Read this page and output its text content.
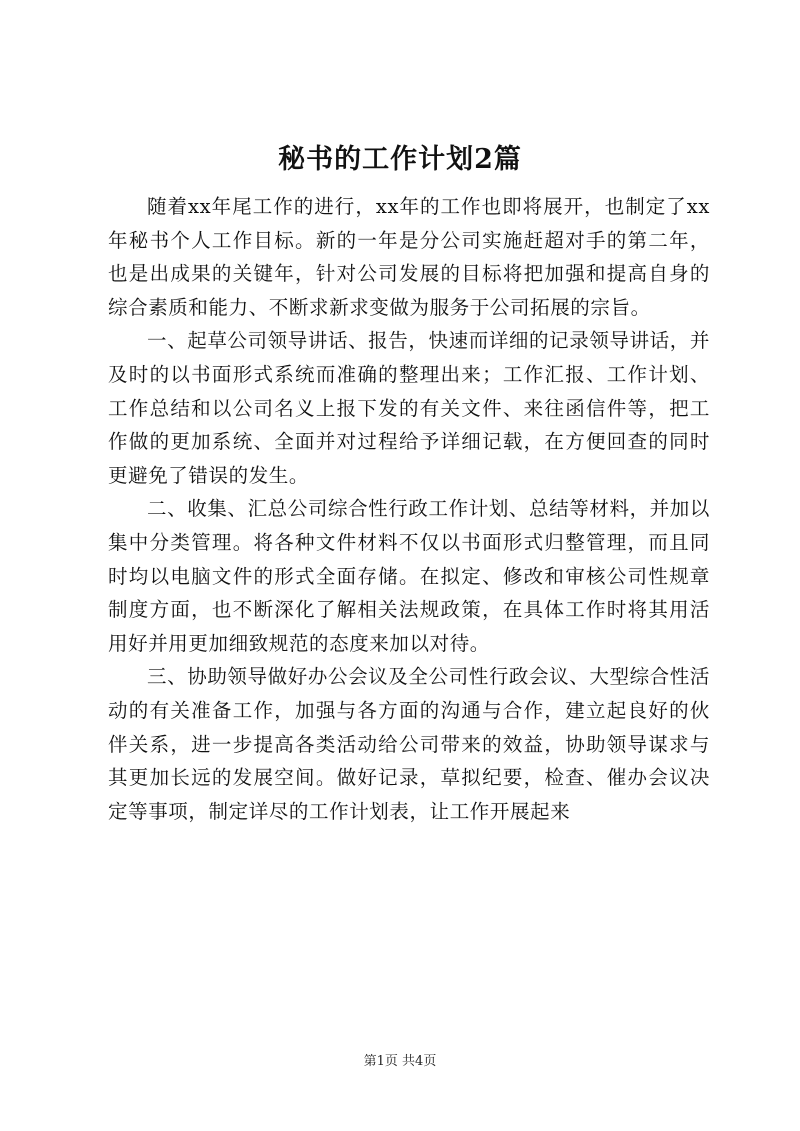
秘书的工作计划2篇

随着xx年尾工作的进行，xx年的工作也即将展开，也制定了xx年秘书个人工作目标。新的一年是分公司实施赶超对手的第二年，也是出成果的关键年，针对公司发展的目标将把加强和提高自身的综合素质和能力、不断求新求变做为服务于公司拓展的宗旨。

一、起草公司领导讲话、报告，快速而详细的记录领导讲话，并及时的以书面形式系统而准确的整理出来；工作汇报、工作计划、工作总结和以公司名义上报下发的有关文件、来往函信件等，把工作做的更加系统、全面并对过程给予详细记载，在方便回查的同时更避免了错误的发生。

二、收集、汇总公司综合性行政工作计划、总结等材料，并加以集中分类管理。将各种文件材料不仅以书面形式归整管理，而且同时均以电脑文件的形式全面存储。在拟定、修改和审核公司性规章制度方面，也不断深化了解相关法规政策，在具体工作时将其用活用好并用更加细致规范的态度来加以对待。

三、协助领导做好办公会议及全公司性行政会议、大型综合性活动的有关准备工作，加强与各方面的沟通与合作，建立起良好的伙伴关系，进一步提高各类活动给公司带来的效益，协助领导谋求与其更加长远的发展空间。做好记录，草拟纪要，检查、催办会议决定等事项，制定详尽的工作计划表，让工作开展起来

第1页 共4页
